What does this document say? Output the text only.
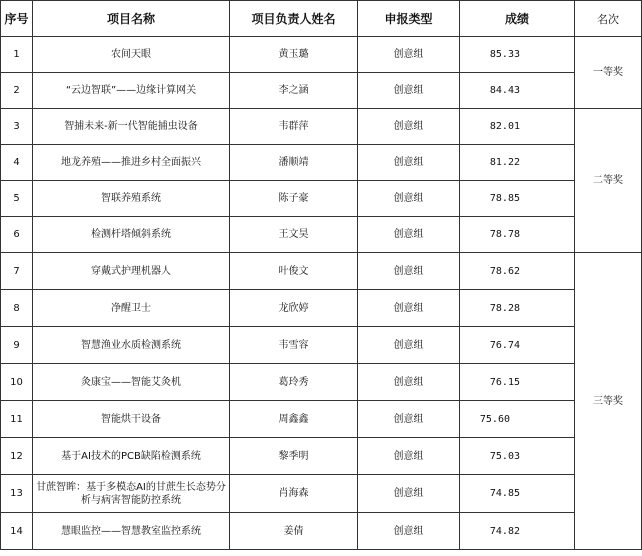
序号	项目名称	项目负责人姓名	申报类型	成绩	名次
1	农间天眼	黄玉璐	创意组	85.33	一等奖
2	“云边智联”——边缘计算网关	李之涵	创意组	84.43	
3	智捕未来-新一代智能捕虫设备	韦群萍	创意组	82.01	二等奖
4	地龙养殖——推进乡村全面振兴	潘顺靖	创意组	81.22	
5	智联养殖系统	陈子豪	创意组	78.85	
6	检测杆塔倾斜系统	王文昊	创意组	78.78	
7	穿戴式护理机器人	叶俊文	创意组	78.62	三等奖
8	净醒卫士	龙欣婷	创意组	78.28	
9	智慧渔业水质检测系统	韦雪容	创意组	76.74	
10	灸康宝——智能艾灸机	葛玲秀	创意组	76.15	
11	智能烘干设备	周鑫鑫	创意组	75.60	
12	基于AI技术的PCB缺陷检测系统	黎季明	创意组	75.03	
13	甘蔗智眸：基于多模态AI的甘蔗生长态势分析与病害智能防控系统	肖海森	创意组	74.85	
14	慧眼监控——智慧教室监控系统	姜倩	创意组	74.82	
